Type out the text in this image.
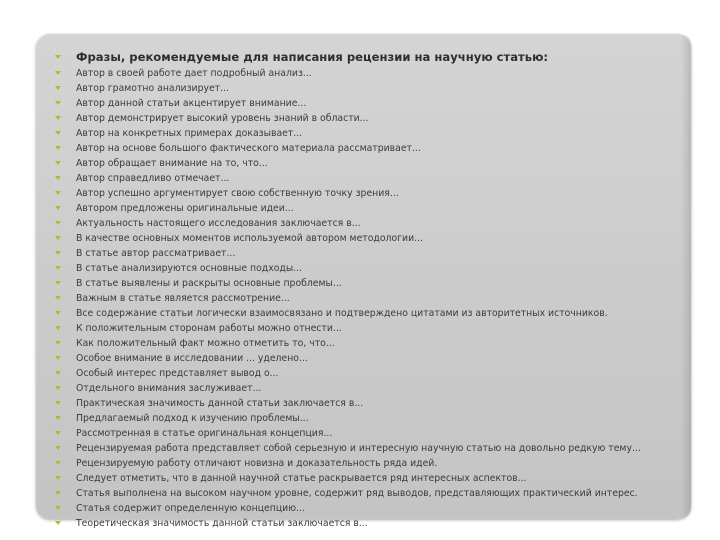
Фразы, рекомендуемые для написания рецензии на научную статью:
Автор в своей работе дает подробный анализ...
Автор грамотно анализирует...
Автор данной статьи акцентирует внимание...
Автор демонстрирует высокий уровень знаний в области...
Автор на конкретных примерах доказывает...
Автор на основе большого фактического материала рассматривает...
Автор обращает внимание на то, что...
Автор справедливо отмечает...
Автор успешно аргументирует свою собственную точку зрения...
Автором предложены оригинальные идеи...
Актуальность настоящего исследования заключается в...
В качестве основных моментов используемой автором методологии...
В статье автор рассматривает...
В статье анализируются основные подходы...
В статье выявлены и раскрыты основные проблемы...
Важным в статье является рассмотрение...
Все содержание статьи логически взаимосвязано и подтверждено цитатами из авторитетных источников.
К положительным сторонам работы можно отнести...
Как положительный факт можно отметить то, что...
Особое внимание в исследовании ... уделено...
Особый интерес представляет вывод о...
Отдельного внимания заслуживает...
Практическая значимость данной статьи заключается в...
Предлагаемый подход к изучению проблемы...
Рассмотренная в статье оригинальная концепция...
Рецензируемая работа представляет собой серьезную и интересную научную статью на довольно редкую тему...
Рецензируемую работу отличают новизна и доказательность ряда идей.
Следует отметить, что в данной научной статье раскрывается ряд интересных аспектов...
Статья выполнена на высоком научном уровне, содержит ряд выводов, представляющих практический интерес.
Статья содержит определенную концепцию...
Теоретическая значимость данной статьи заключается в...
